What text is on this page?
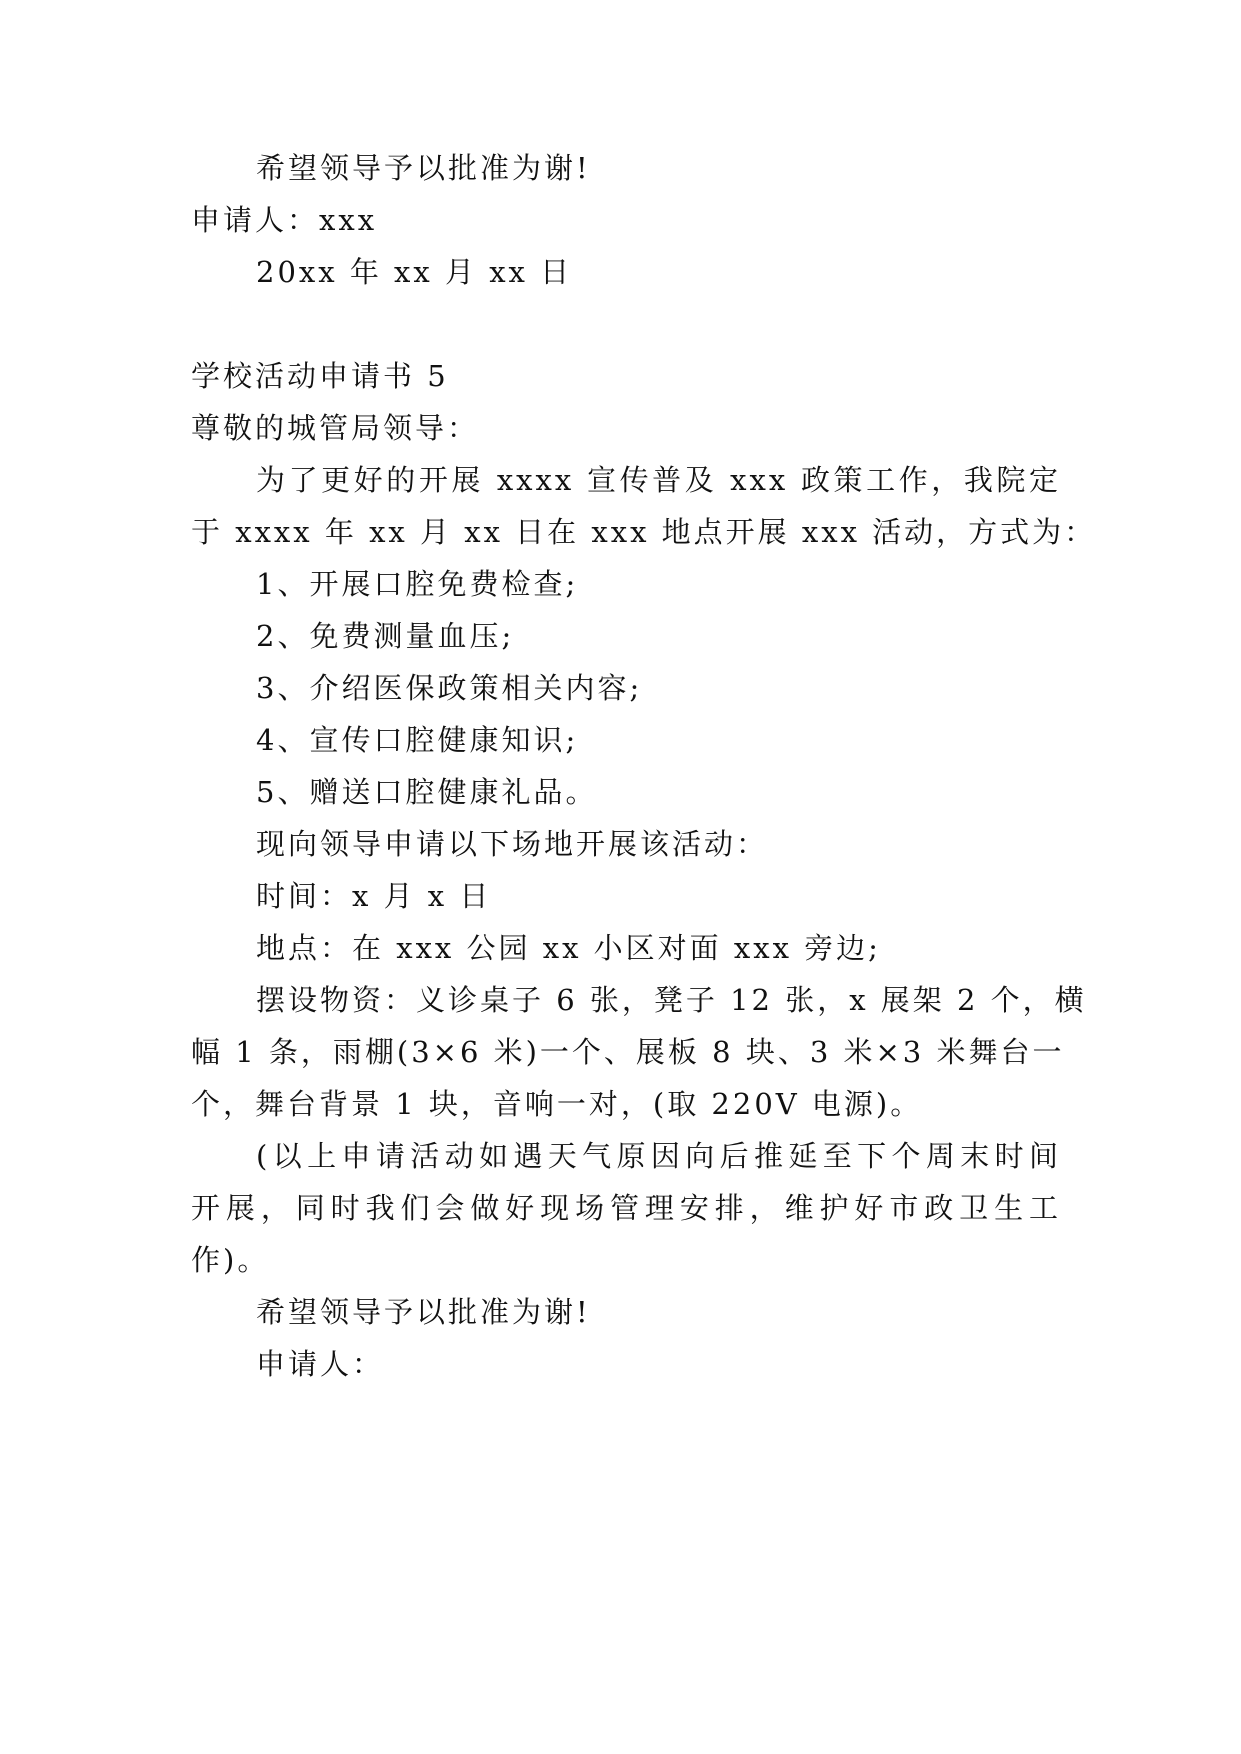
希望领导予以批准为谢!
申请人：xxx
20xx 年 xx 月 xx 日
学校活动申请书 5
尊敬的城管局领导：
为了更好的开展 xxxx 宣传普及 xxx 政策工作，我院定
于 xxxx 年 xx 月 xx 日在 xxx 地点开展 xxx 活动，方式为：
1、开展口腔免费检查;
2、免费测量血压;
3、介绍医保政策相关内容;
4、宣传口腔健康知识;
5、赠送口腔健康礼品。
现向领导申请以下场地开展该活动：
时间：x 月 x 日
地点：在 xxx 公园 xx 小区对面 xxx 旁边;
摆设物资：义诊桌子 6 张，凳子 12 张，x 展架 2 个，横
幅 1 条，雨棚(3×6 米)一个、展板 8 块、3 米×3 米舞台一
个，舞台背景 1 块，音响一对，(取 220V 电源)。
(以上申请活动如遇天气原因向后推延至下个周末时间
开展，同时我们会做好现场管理安排，维护好市政卫生工
作)。
希望领导予以批准为谢!
申请人：
